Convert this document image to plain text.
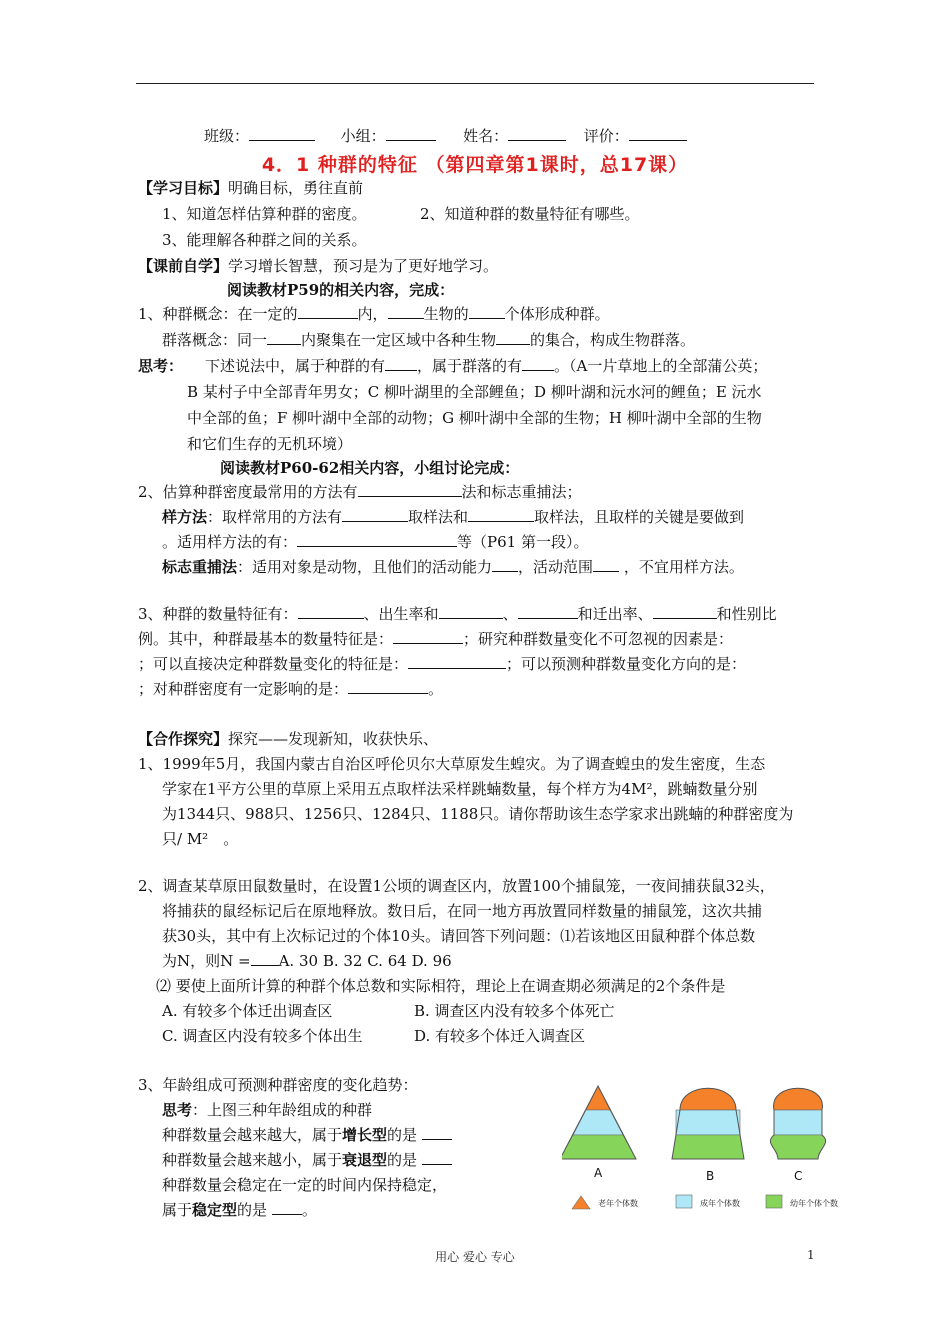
班级：	小组：	姓名：	评价：
4．1 种群的特征 （第四章第1课时，总17课）
【学习目标】明确目标，勇往直前
1、知道怎样估算种群的密度。	2、知道种群的数量特征有哪些。
3、能理解各种群之间的关系。
【课前自学】学习增长智慧，预习是为了更好地学习。
阅读教材P59的相关内容，完成：
1、种群概念：在一定的	内， 生物的 个体形成种群。
群落概念：同一 内聚集在一定区域中各种生物 的集合，构成生物群落。
思考： 下述说法中，属于种群的有 ，属于群落的有 。（A一片草地上的全部蒲公英；
B 某村子中全部青年男女；C 柳叶湖里的全部鲤鱼；D 柳叶湖和沅水河的鲤鱼；E 沅水
中全部的鱼；F 柳叶湖中全部的动物；G 柳叶湖中全部的生物；H 柳叶湖中全部的生物
和它们生存的无机环境）
阅读教材P60-62相关内容，小组讨论完成：
2、估算种群密度最常用的方法有	法和标志重捕法；
样方法：取样常用的方法有	取样法和	取样法，且取样的关键是要做到
。适用样方法的有：	等（P61 第一段）。
标志重捕法：适用对象是动物，且他们的活动能力 ，活动范围 ，不宜用样方法。
3、种群的数量特征有：	、出生率和	、	和迁出率、	和性别比
例。其中，种群最基本的数量特征是：	；研究种群数量变化不可忽视的因素是：
；可以直接决定种群数量变化的特征是：	；可以预测种群数量变化方向的是：
；对种群密度有一定影响的是：	。
【合作探究】探究——发现新知，收获快乐、
1、1999年5月，我国内蒙古自治区呼伦贝尔大草原发生蝗灾。为了调查蝗虫的发生密度，生态
学家在1平方公里的草原上采用五点取样法采样跳蝻数量，每个样方为4M²，跳蝻数量分别
为1344只、988只、1256只、1284只、1188只。请你帮助该生态学家求出跳蝻的种群密度为
只/ M²　。
2、调查某草原田鼠数量时，在设置1公顷的调查区内，放置100个捕鼠笼，一夜间捕获鼠32头，
将捕获的鼠经标记后在原地释放。数日后，在同一地方再放置同样数量的捕鼠笼，这次共捕
获30头，其中有上次标记过的个体10头。请回答下列问题：⑴若该地区田鼠种群个体总数
为N，则N = A. 30 B. 32 C. 64 D. 96
⑵ 要使上面所计算的种群个体总数和实际相符，理论上在调查期必须满足的2个条件是
A. 有较多个体迁出调查区	B. 调查区内没有较多个体死亡
C. 调查区内没有较多个体出生	D. 有较多个体迁入调查区
3、年龄组成可预测种群密度的变化趋势：
思考：上图三种年龄组成的种群
种群数量会越来越大，属于增长型的是
种群数量会越来越小，属于衰退型的是
种群数量会稳定在一定的时间内保持稳定，
属于稳定型的是 。
A	B	C
老年个体数	成年个体数	幼年个体个数
用心 爱心 专心	1
